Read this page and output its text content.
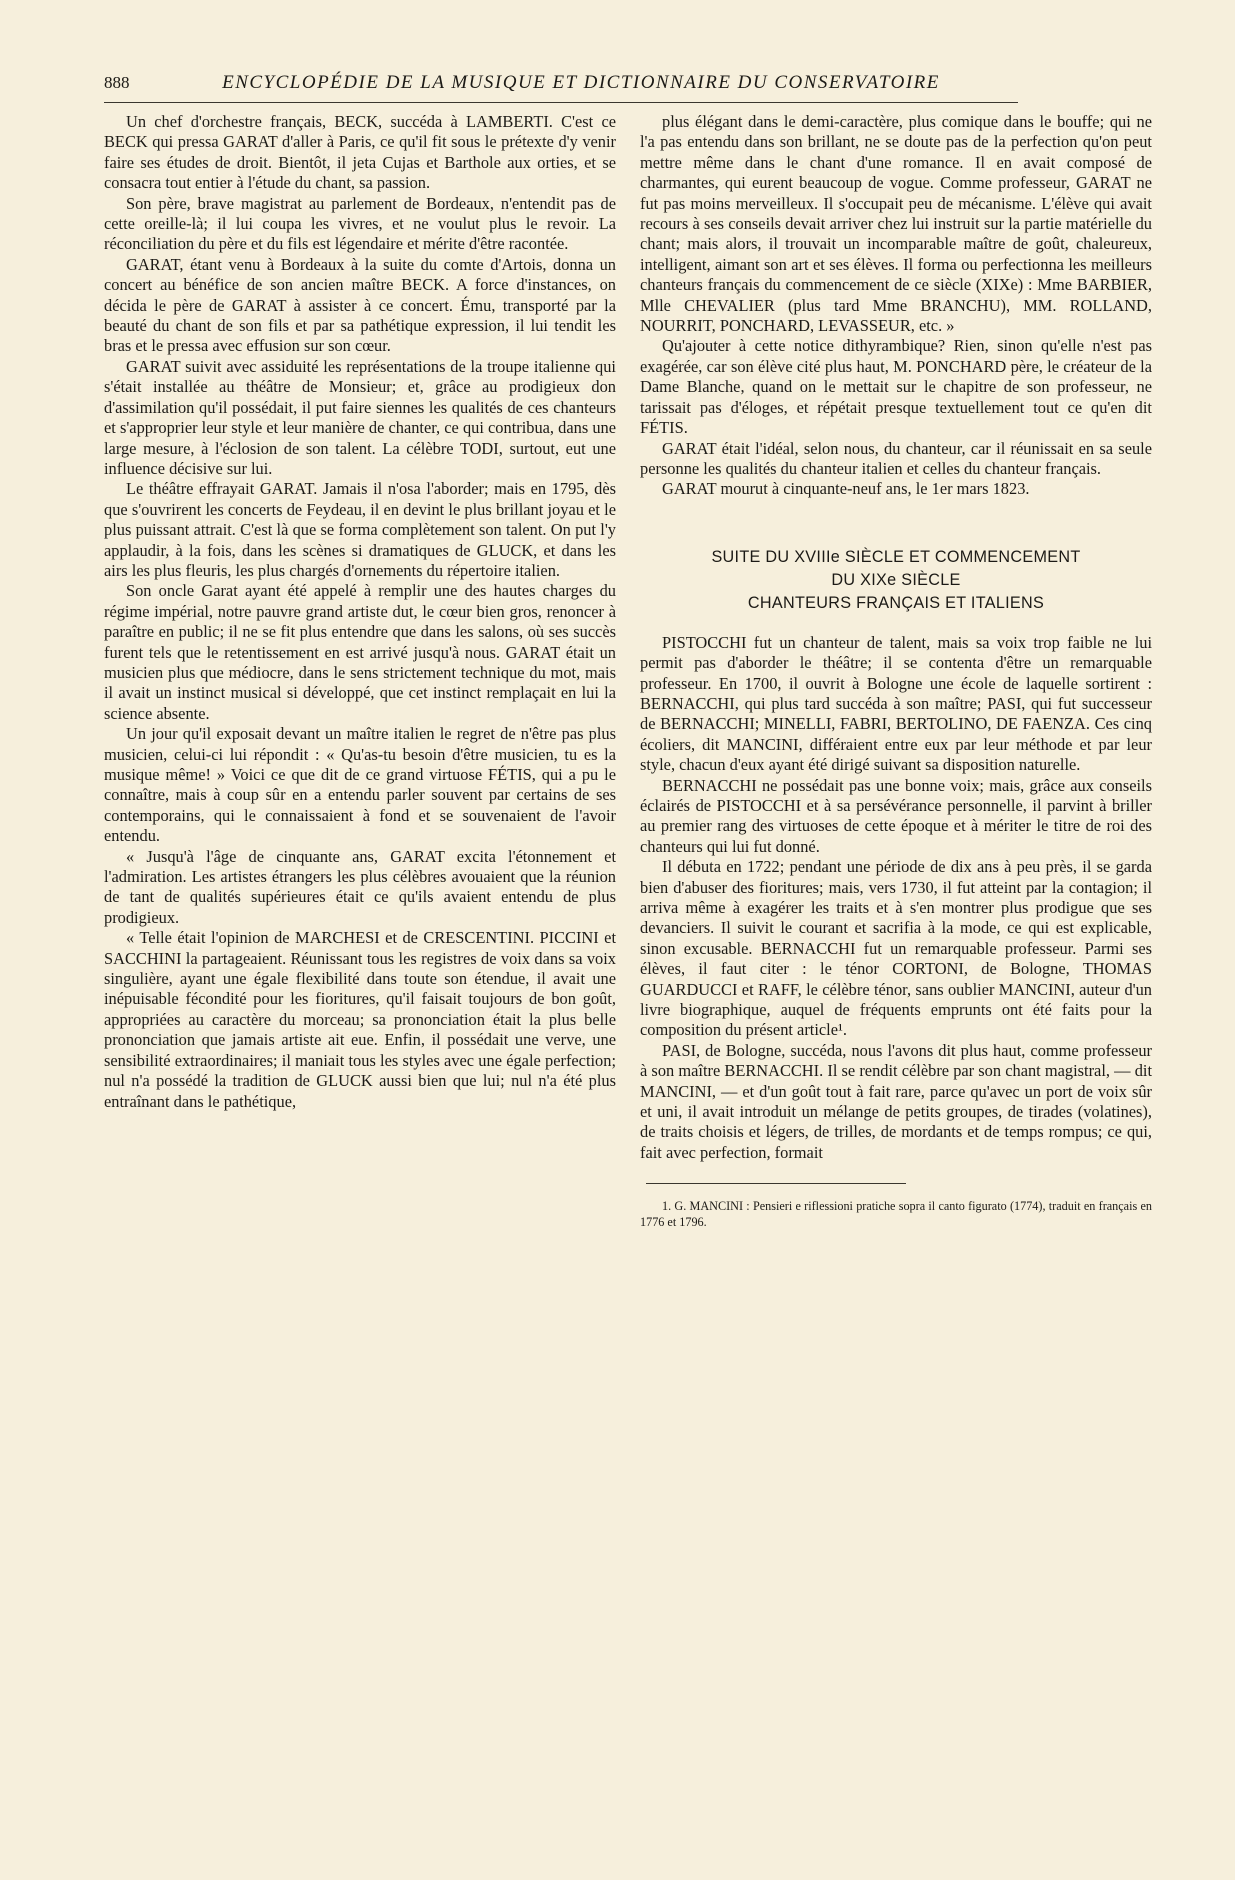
888	ENCYCLOPÉDIE DE LA MUSIQUE ET DICTIONNAIRE DU CONSERVATOIRE

Un chef d'orchestre français, BECK, succéda à LAMBERTI. C'est ce BECK qui pressa GARAT d'aller à Paris, ce qu'il fit sous le prétexte d'y venir faire ses études de droit. Bientôt, il jeta Cujas et Barthole aux orties, et se consacra tout entier à l'étude du chant, sa passion.

Son père, brave magistrat au parlement de Bordeaux, n'entendit pas de cette oreille-là; il lui coupa les vivres, et ne voulut plus le revoir. La réconciliation du père et du fils est légendaire et mérite d'être racontée.

GARAT, étant venu à Bordeaux à la suite du comte d'Artois, donna un concert au bénéfice de son ancien maître BECK. A force d'instances, on décida le père de GARAT à assister à ce concert. Ému, transporté par la beauté du chant de son fils et par sa pathétique expression, il lui tendit les bras et le pressa avec effusion sur son cœur.

GARAT suivit avec assiduité les représentations de la troupe italienne qui s'était installée au théâtre de Monsieur; et, grâce au prodigieux don d'assimilation qu'il possédait, il put faire siennes les qualités de ces chanteurs et s'approprier leur style et leur manière de chanter, ce qui contribua, dans une large mesure, à l'éclosion de son talent. La célèbre TODI, surtout, eut une influence décisive sur lui.

Le théâtre effrayait GARAT. Jamais il n'osa l'aborder; mais en 1795, dès que s'ouvrirent les concerts de Feydeau, il en devint le plus brillant joyau et le plus puissant attrait. C'est là que se forma complètement son talent. On put l'y applaudir, à la fois, dans les scènes si dramatiques de GLUCK, et dans les airs les plus fleuris, les plus chargés d'ornements du répertoire italien.

Son oncle Garat ayant été appelé à remplir une des hautes charges du régime impérial, notre pauvre grand artiste dut, le cœur bien gros, renoncer à paraître en public; il ne se fit plus entendre que dans les salons, où ses succès furent tels que le retentissement en est arrivé jusqu'à nous. GARAT était un musicien plus que médiocre, dans le sens strictement technique du mot, mais il avait un instinct musical si développé, que cet instinct remplaçait en lui la science absente.

Un jour qu'il exposait devant un maître italien le regret de n'être pas plus musicien, celui-ci lui répondit : « Qu'as-tu besoin d'être musicien, tu es la musique même! » Voici ce que dit de ce grand virtuose FÉTIS, qui a pu le connaître, mais à coup sûr en a entendu parler souvent par certains de ses contemporains, qui le connaissaient à fond et se souvenaient de l'avoir entendu.

« Jusqu'à l'âge de cinquante ans, GARAT excita l'étonnement et l'admiration. Les artistes étrangers les plus célèbres avouaient que la réunion de tant de qualités supérieures était ce qu'ils avaient entendu de plus prodigieux.

« Telle était l'opinion de MARCHESI et de CRESCENTINI. PICCINI et SACCHINI la partageaient. Réunissant tous les registres de voix dans sa voix singulière, ayant une égale flexibilité dans toute son étendue, il avait une inépuisable fécondité pour les fioritures, qu'il faisait toujours de bon goût, appropriées au caractère du morceau; sa prononciation était la plus belle prononciation que jamais artiste ait eue. Enfin, il possédait une verve, une sensibilité extraordinaires; il maniait tous les styles avec une égale perfection; nul n'a possédé la tradition de GLUCK aussi bien que lui; nul n'a été plus entraînant dans le pathétique,

plus élégant dans le demi-caractère, plus comique dans le bouffe; qui ne l'a pas entendu dans son brillant, ne se doute pas de la perfection qu'on peut mettre même dans le chant d'une romance. Il en avait composé de charmantes, qui eurent beaucoup de vogue. Comme professeur, GARAT ne fut pas moins merveilleux. Il s'occupait peu de mécanisme. L'élève qui avait recours à ses conseils devait arriver chez lui instruit sur la partie matérielle du chant; mais alors, il trouvait un incomparable maître de goût, chaleureux, intelligent, aimant son art et ses élèves. Il forma ou perfectionna les meilleurs chanteurs français du commencement de ce siècle (XIXe) : Mme BARBIER, Mlle CHEVALIER (plus tard Mme BRANCHU), MM. ROLLAND, NOURRIT, PONCHARD, LEVASSEUR, etc. »

Qu'ajouter à cette notice dithyrambique? Rien, sinon qu'elle n'est pas exagérée, car son élève cité plus haut, M. PONCHARD père, le créateur de la Dame Blanche, quand on le mettait sur le chapitre de son professeur, ne tarissait pas d'éloges, et répétait presque textuellement tout ce qu'en dit FÉTIS.

GARAT était l'idéal, selon nous, du chanteur, car il réunissait en sa seule personne les qualités du chanteur italien et celles du chanteur français.

GARAT mourut à cinquante-neuf ans, le 1er mars 1823.

SUITE DU XVIIIe SIÈCLE ET COMMENCEMENT
DU XIXe SIÈCLE
CHANTEURS FRANÇAIS ET ITALIENS

PISTOCCHI fut un chanteur de talent, mais sa voix trop faible ne lui permit pas d'aborder le théâtre; il se contenta d'être un remarquable professeur. En 1700, il ouvrit à Bologne une école de laquelle sortirent : BERNACCHI, qui plus tard succéda à son maître; PASI, qui fut successeur de BERNACCHI; MINELLI, FABRI, BERTOLINO, DE FAENZA. Ces cinq écoliers, dit MANCINI, différaient entre eux par leur méthode et par leur style, chacun d'eux ayant été dirigé suivant sa disposition naturelle.

BERNACCHI ne possédait pas une bonne voix; mais, grâce aux conseils éclairés de PISTOCCHI et à sa persévérance personnelle, il parvint à briller au premier rang des virtuoses de cette époque et à mériter le titre de roi des chanteurs qui lui fut donné.

Il débuta en 1722; pendant une période de dix ans à peu près, il se garda bien d'abuser des fioritures; mais, vers 1730, il fut atteint par la contagion; il arriva même à exagérer les traits et à s'en montrer plus prodigue que ses devanciers. Il suivit le courant et sacrifia à la mode, ce qui est explicable, sinon excusable. BERNACCHI fut un remarquable professeur. Parmi ses élèves, il faut citer : le ténor CORTONI, de Bologne, THOMAS GUARDUCCI et RAFF, le célèbre ténor, sans oublier MANCINI, auteur d'un livre biographique, auquel de fréquents emprunts ont été faits pour la composition du présent article¹.

PASI, de Bologne, succéda, nous l'avons dit plus haut, comme professeur à son maître BERNACCHI. Il se rendit célèbre par son chant magistral, — dit MANCINI, — et d'un goût tout à fait rare, parce qu'avec un port de voix sûr et uni, il avait introduit un mélange de petits groupes, de tirades (volatines), de traits choisis et légers, de trilles, de mordants et de temps rompus; ce qui, fait avec perfection, formait

1. G. MANCINI : Pensieri e riflessioni pratiche sopra il canto figurato (1774), traduit en français en 1776 et 1796.
